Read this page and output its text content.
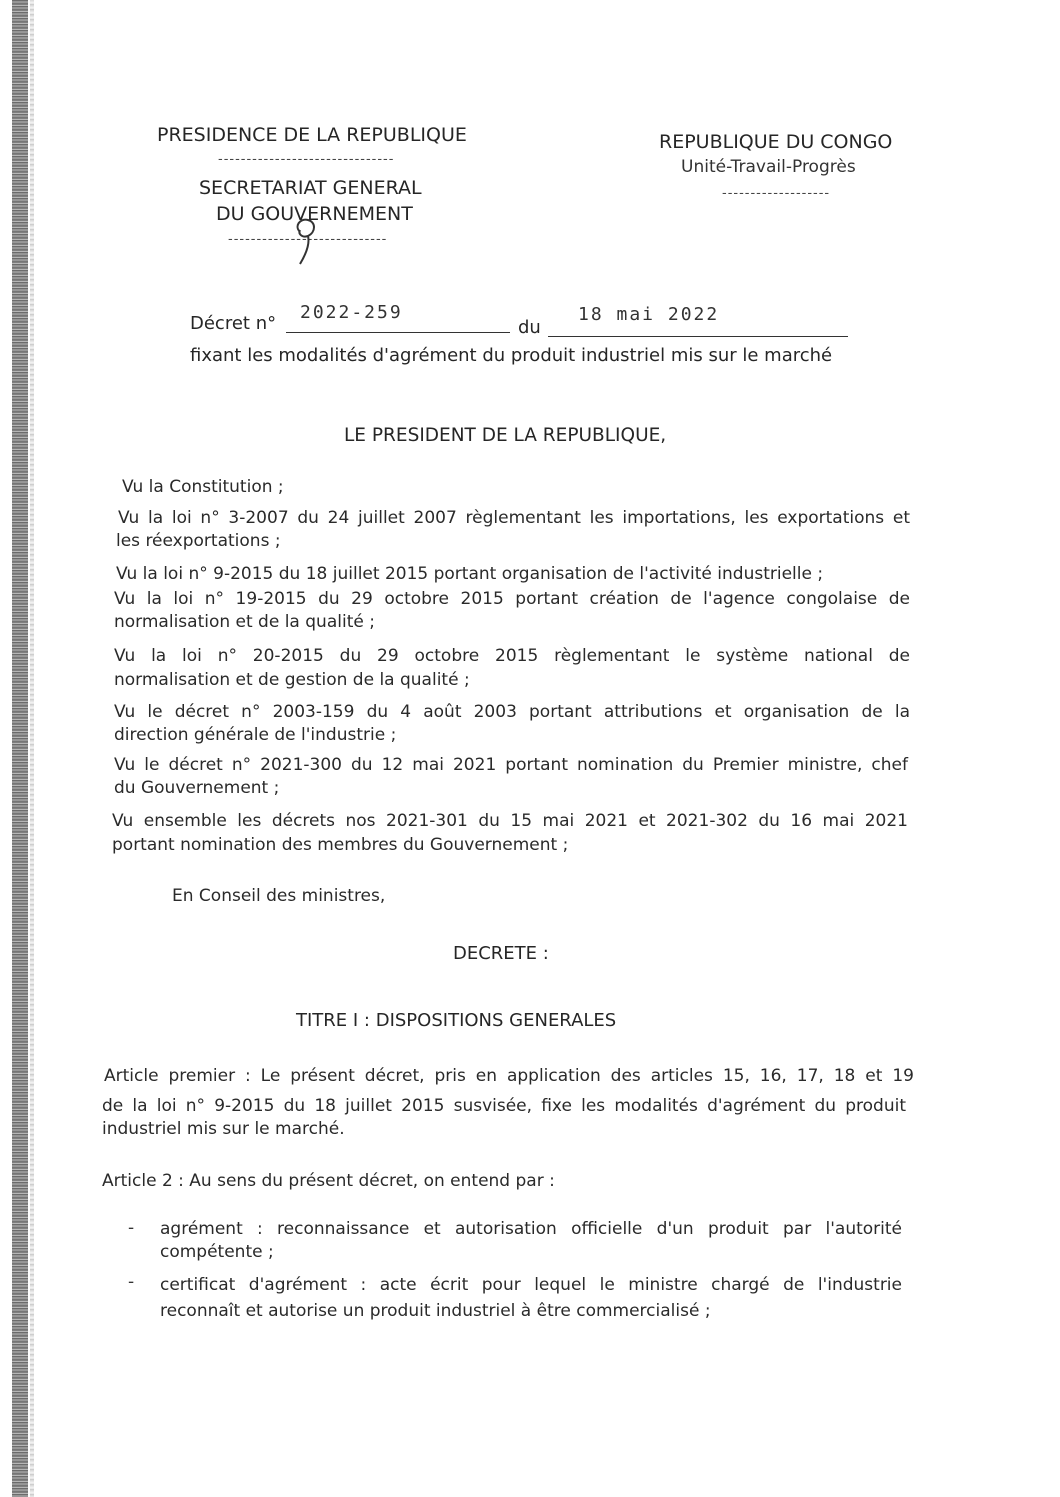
PRESIDENCE DE LA REPUBLIQUE
-------------------------------
SECRETARIAT GENERAL
DU GOUVERNEMENT
----------------------------
REPUBLIQUE DU CONGO
Unité-Travail-Progrès
-------------------
Décret n°
2022-259
du
18 mai 2022
fixant les modalités d'agrément du produit industriel mis sur le marché
LE PRESIDENT DE LA REPUBLIQUE,
Vu la Constitution ;
Vu la loi n° 3-2007 du 24 juillet 2007 règlementant les importations, les exportations et
les réexportations ;
Vu la loi n° 9-2015 du 18 juillet 2015 portant organisation de l'activité industrielle ;
Vu la loi n° 19-2015 du 29 octobre 2015 portant création de l'agence congolaise de
normalisation et de la qualité ;
Vu la loi n° 20-2015 du 29 octobre 2015 règlementant le système national de
normalisation et de gestion de la qualité ;
Vu le décret n° 2003-159 du 4 août 2003 portant attributions et organisation de la
direction générale de l'industrie ;
Vu le décret n° 2021-300 du 12 mai 2021 portant nomination du Premier ministre, chef
du Gouvernement ;
Vu ensemble les décrets nos 2021-301 du 15 mai 2021 et 2021-302 du 16 mai 2021
portant nomination des membres du Gouvernement ;
En Conseil des ministres,
DECRETE :
TITRE I : DISPOSITIONS GENERALES
Article premier : Le présent décret, pris en application des articles 15, 16, 17, 18 et 19
de la loi n° 9-2015 du 18 juillet 2015 susvisée, fixe les modalités d'agrément du produit
industriel mis sur le marché.
Article 2 : Au sens du présent décret, on entend par :
- agrément : reconnaissance et autorisation officielle d'un produit par l'autorité
compétente ;
- certificat d'agrément : acte écrit pour lequel le ministre chargé de l'industrie
reconnaît et autorise un produit industriel à être commercialisé ;
